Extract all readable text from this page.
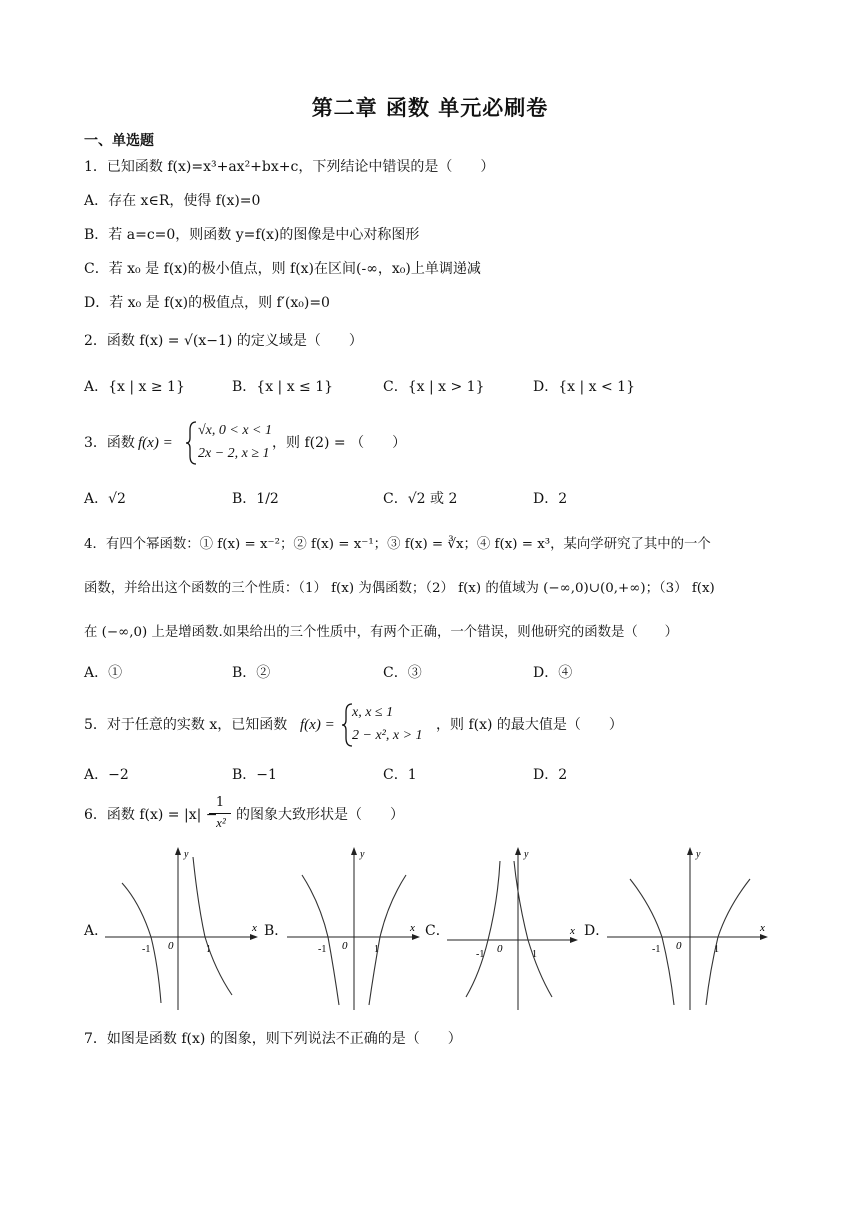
第二章 函数 单元必刷卷
一、单选题
1．已知函数 f(x)=x³+ax²+bx+c，下列结论中错误的是（　　）
A．存在 x∈R，使得 f(x)=0
B．若 a=c=0，则函数 y=f(x)的图像是中心对称图形
C．若 x₀ 是 f(x)的极小值点，则 f(x)在区间(-∞，x₀)上单调递减
D．若 x₀ 是 f(x)的极值点，则 f′(x₀)=0
2．函数 f(x) = √(x−1) 的定义域是（　　）
A．{x | x ≥ 1}	B．{x | x ≤ 1}	C．{x | x > 1}	D．{x | x < 1}
3．函数 f(x) =
√x, 0 < x < 1
2x − 2, x ≥ 1
，则 f(2) = （　　）
A．√2	B．1/2	C．√2 或 2	D．2
4．有四个幂函数：① f(x) = x⁻²；② f(x) = x⁻¹；③ f(x) = ∛x；④ f(x) = x³，某向学研究了其中的一个
函数，并给出这个函数的三个性质：（1） f(x) 为偶函数；（2） f(x) 的值域为 (−∞,0)∪(0,+∞)；（3） f(x)
在 (−∞,0) 上是增函数.如果给出的三个性质中，有两个正确，一个错误，则他研究的函数是（　　）
A．①	B．②	C．③	D．④
5．对于任意的实数 x，已知函数 f(x) =
x, x ≤ 1
2 − x², x > 1
，则 f(x) 的最大值是（　　）
A．−2	B．−1	C．1	D．2
6．函数 f(x) = |x| −
1
x² 的图象大致形状是（　　）
A．	B．	C．	D．
x
y
0
-1	1
x
y
0
-1	1
x
y
0
-1	1
x
y
0
-1	1
7．如图是函数 f(x) 的图象，则下列说法不正确的是（　　）
